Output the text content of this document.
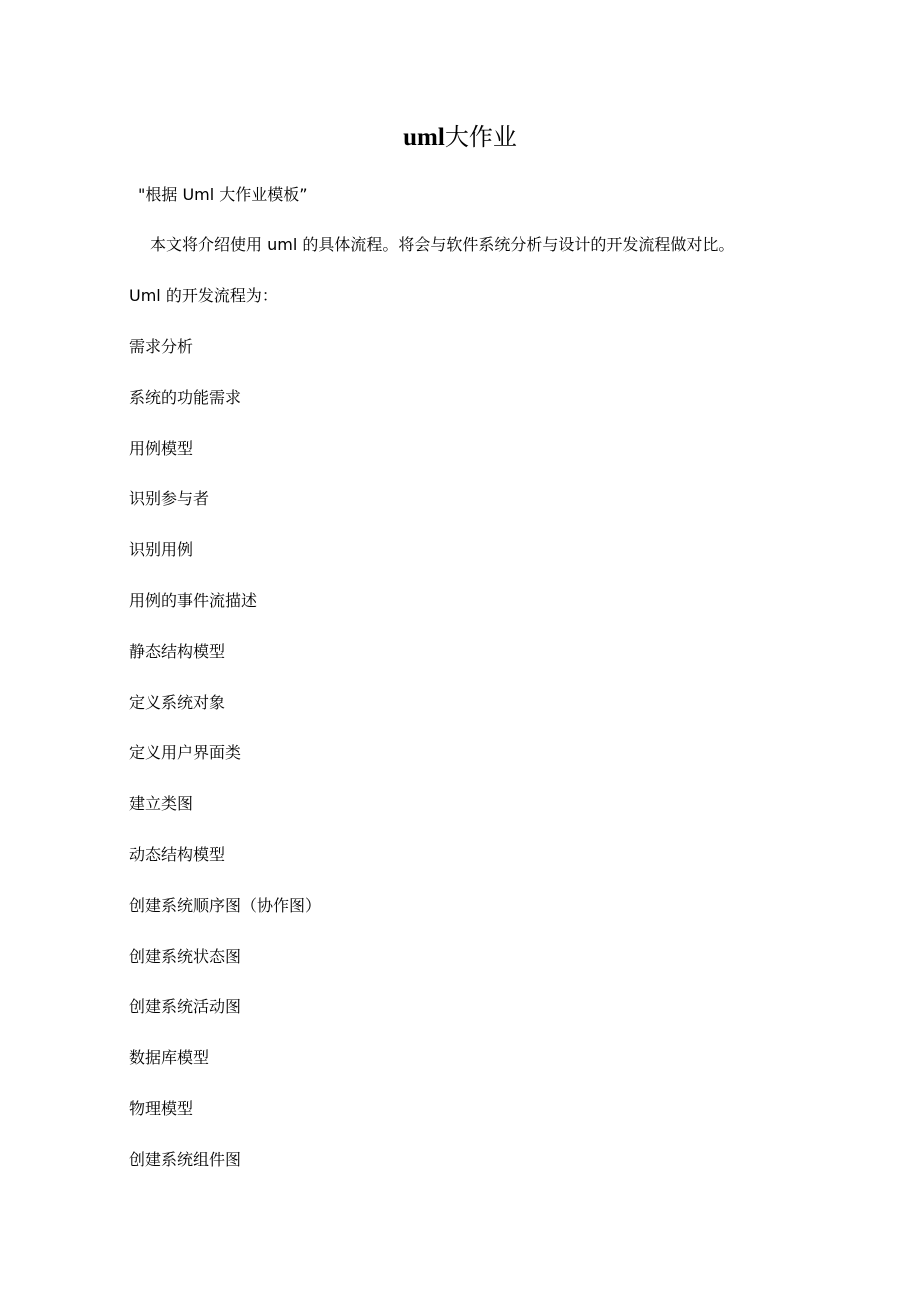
uml大作业

"根据 Uml 大作业模板”

本文将介绍使用 uml 的具体流程。将会与软件系统分析与设计的开发流程做对比。

Uml 的开发流程为：

需求分析
系统的功能需求
用例模型
识别参与者
识别用例
用例的事件流描述
静态结构模型
定义系统对象
定义用户界面类
建立类图
动态结构模型
创建系统顺序图（协作图）
创建系统状态图
创建系统活动图
数据库模型
物理模型
创建系统组件图
